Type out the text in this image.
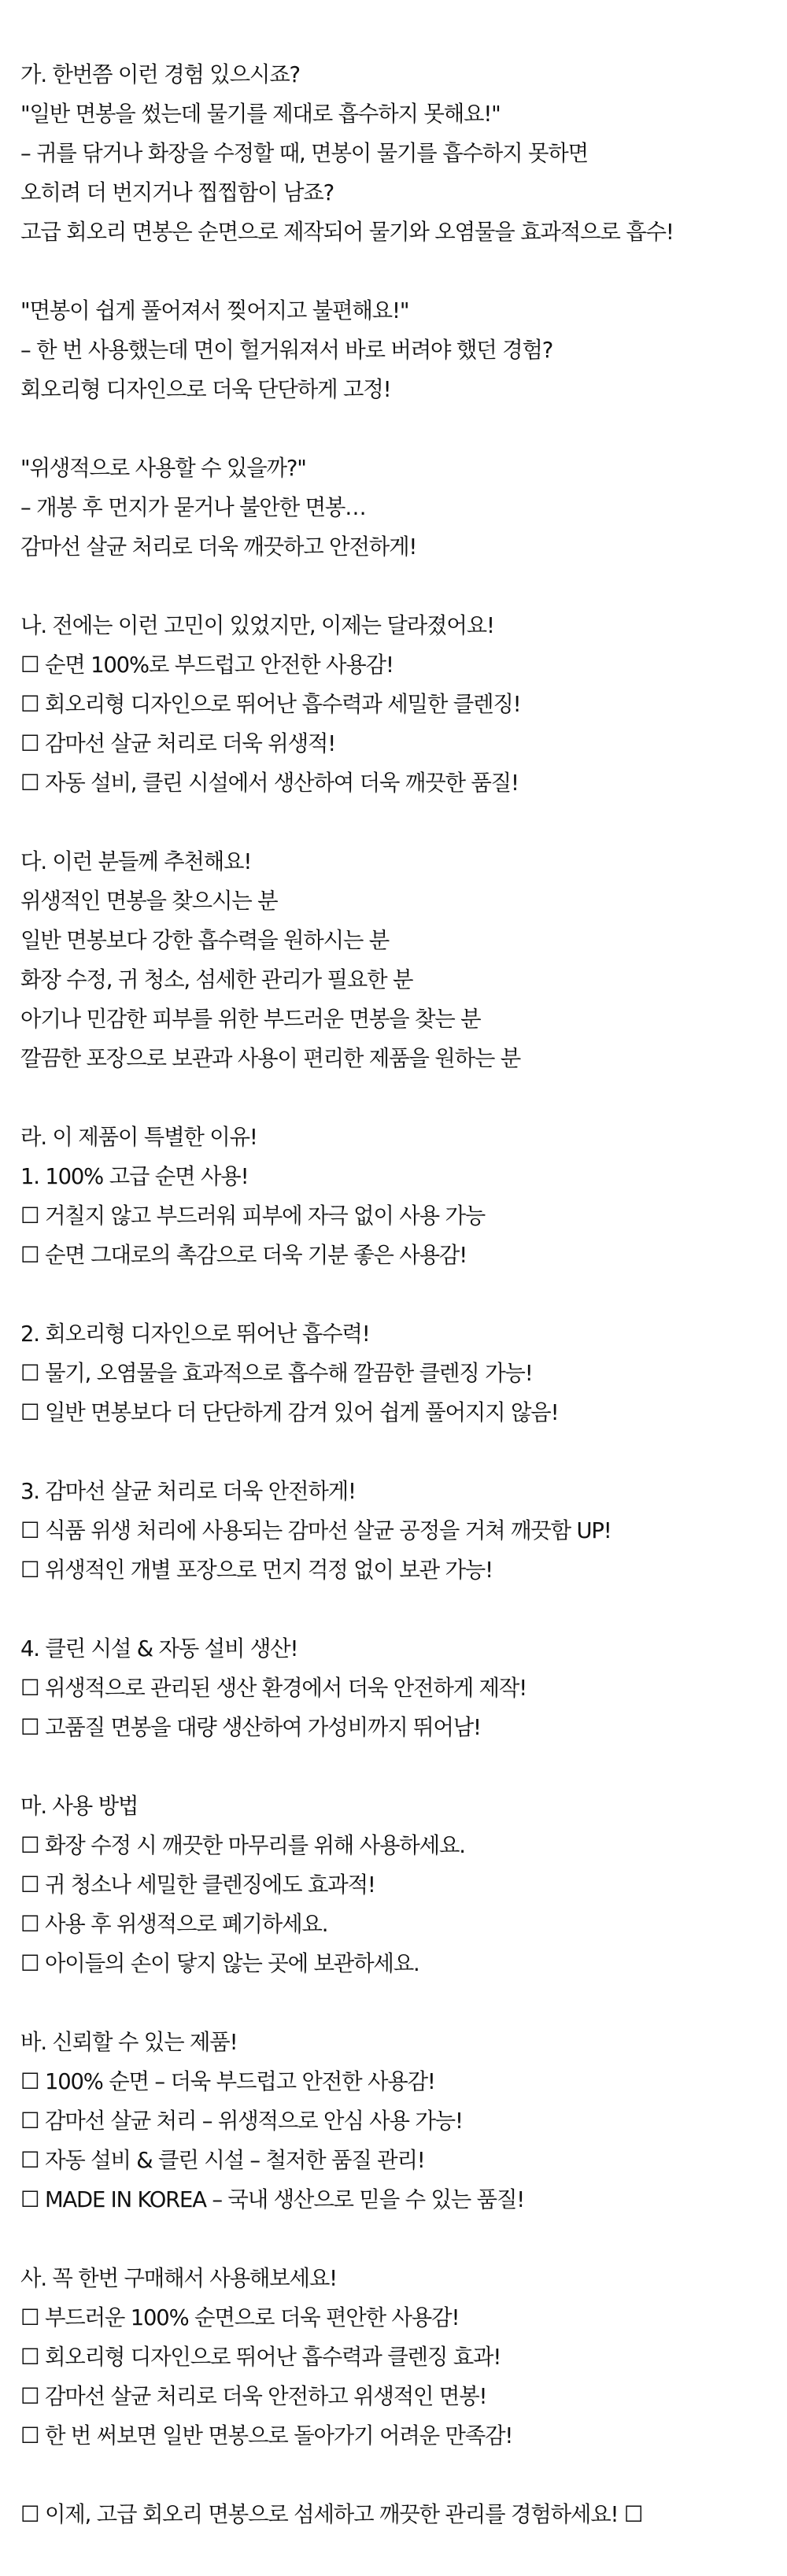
가. 한번쯤 이런 경험 있으시죠?
"일반 면봉을 썼는데 물기를 제대로 흡수하지 못해요!"
– 귀를 닦거나 화장을 수정할 때, 면봉이 물기를 흡수하지 못하면
오히려 더 번지거나 찝찝함이 남죠?
고급 회오리 면봉은 순면으로 제작되어 물기와 오염물을 효과적으로 흡수!
"면봉이 쉽게 풀어져서 찢어지고 불편해요!"
– 한 번 사용했는데 면이 헐거워져서 바로 버려야 했던 경험?
회오리형 디자인으로 더욱 단단하게 고정!
"위생적으로 사용할 수 있을까?"
– 개봉 후 먼지가 묻거나 불안한 면봉…
감마선 살균 처리로 더욱 깨끗하고 안전하게!
나. 전에는 이런 고민이 있었지만, 이제는 달라졌어요!
☐ 순면 100%로 부드럽고 안전한 사용감!
☐ 회오리형 디자인으로 뛰어난 흡수력과 세밀한 클렌징!
☐ 감마선 살균 처리로 더욱 위생적!
☐ 자동 설비, 클린 시설에서 생산하여 더욱 깨끗한 품질!
다. 이런 분들께 추천해요!
위생적인 면봉을 찾으시는 분
일반 면봉보다 강한 흡수력을 원하시는 분
화장 수정, 귀 청소, 섬세한 관리가 필요한 분
아기나 민감한 피부를 위한 부드러운 면봉을 찾는 분
깔끔한 포장으로 보관과 사용이 편리한 제품을 원하는 분
라. 이 제품이 특별한 이유!
1. 100% 고급 순면 사용!
☐ 거칠지 않고 부드러워 피부에 자극 없이 사용 가능
☐ 순면 그대로의 촉감으로 더욱 기분 좋은 사용감!
2. 회오리형 디자인으로 뛰어난 흡수력!
☐ 물기, 오염물을 효과적으로 흡수해 깔끔한 클렌징 가능!
☐ 일반 면봉보다 더 단단하게 감겨 있어 쉽게 풀어지지 않음!
3. 감마선 살균 처리로 더욱 안전하게!
☐ 식품 위생 처리에 사용되는 감마선 살균 공정을 거쳐 깨끗함 UP!
☐ 위생적인 개별 포장으로 먼지 걱정 없이 보관 가능!
4. 클린 시설 & 자동 설비 생산!
☐ 위생적으로 관리된 생산 환경에서 더욱 안전하게 제작!
☐ 고품질 면봉을 대량 생산하여 가성비까지 뛰어남!
마. 사용 방법
☐ 화장 수정 시 깨끗한 마무리를 위해 사용하세요.
☐ 귀 청소나 세밀한 클렌징에도 효과적!
☐ 사용 후 위생적으로 폐기하세요.
☐ 아이들의 손이 닿지 않는 곳에 보관하세요.
바. 신뢰할 수 있는 제품!
☐ 100% 순면 – 더욱 부드럽고 안전한 사용감!
☐ 감마선 살균 처리 – 위생적으로 안심 사용 가능!
☐ 자동 설비 & 클린 시설 – 철저한 품질 관리!
☐ MADE IN KOREA – 국내 생산으로 믿을 수 있는 품질!
사. 꼭 한번 구매해서 사용해보세요!
☐ 부드러운 100% 순면으로 더욱 편안한 사용감!
☐ 회오리형 디자인으로 뛰어난 흡수력과 클렌징 효과!
☐ 감마선 살균 처리로 더욱 안전하고 위생적인 면봉!
☐ 한 번 써보면 일반 면봉으로 돌아가기 어려운 만족감!
☐ 이제, 고급 회오리 면봉으로 섬세하고 깨끗한 관리를 경험하세요! ☐
